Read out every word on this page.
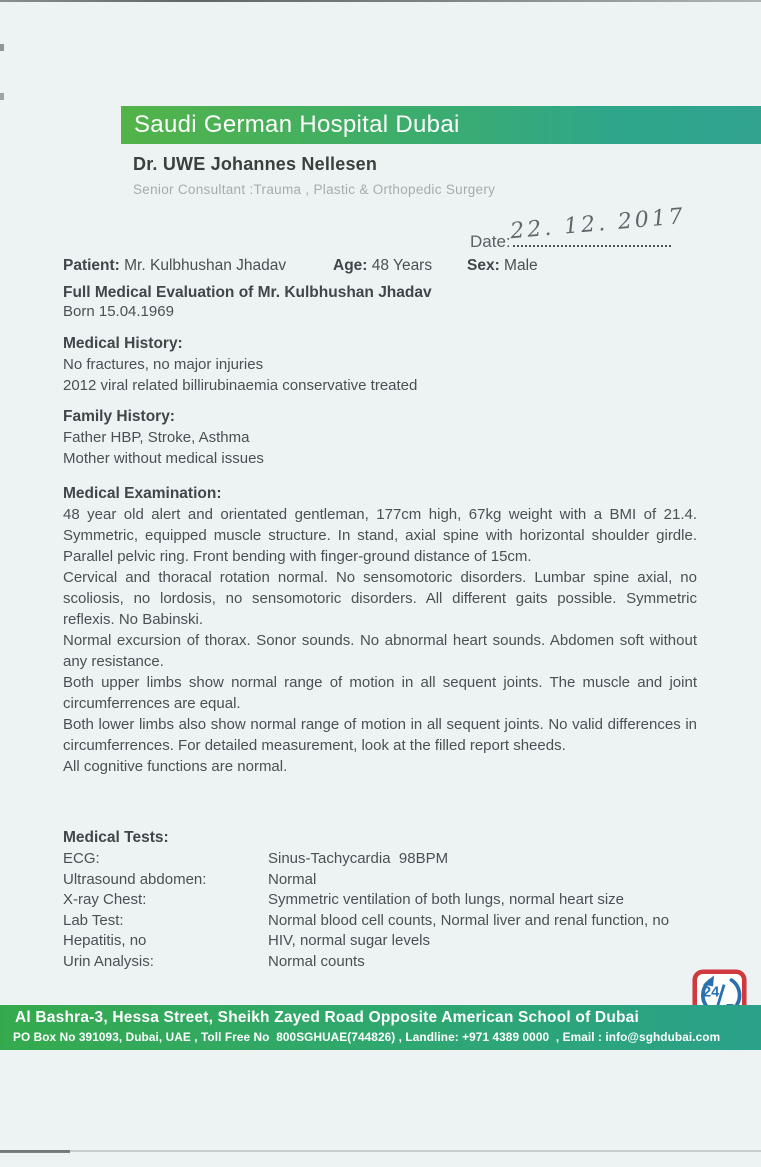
Saudi German Hospital Dubai
Dr. UWE Johannes Nellesen
Senior Consultant :Trauma , Plastic & Orthopedic Surgery
Date:
22. 12. 2017
Patient: Mr. Kulbhushan Jhadav	Age: 48 Years Sex: Male
Full Medical Evaluation of Mr. Kulbhushan Jhadav
Born 15.04.1969
Medical History:

No fractures, no major injuries

2012 viral related billirubinaemia conservative treated

Family History:

Father HBP, Stroke, Asthma

Mother without medical issues

Medical Examination:

48 year old alert and orientated gentleman, 177cm high, 67kg weight with a BMI of 21.4. Symmetric, equipped muscle structure. In stand, axial spine with horizontal shoulder girdle. Parallel pelvic ring. Front bending with finger-ground distance of 15cm.

Cervical and thoracal rotation normal. No sensomotoric disorders. Lumbar spine axial, no scoliosis, no lordosis, no sensomotoric disorders. All different gaits possible. Symmetric reflexis. No Babinski.

Normal excursion of thorax. Sonor sounds. No abnormal heart sounds. Abdomen soft without any resistance.

Both upper limbs show normal range of motion in all sequent joints. The muscle and joint circumferrences are equal.

Both lower limbs also show normal range of motion in all sequent joints. No valid differences in circumferrences. For detailed measurement, look at the filled report sheeds.

All cognitive functions are normal.

Medical Tests:
ECG:	Sinus-Tachycardia  98BPM
Ultrasound abdomen:	Normal
X-ray Chest:	Symmetric ventilation of both lungs, normal heart size
Lab Test:	Normal blood cell counts, Normal liver and renal function, no
Hepatitis, no	HIV, normal sugar levels
Urin Analysis:	Normal counts
24
Al Bashra-3, Hessa Street, Sheikh Zayed Road Opposite American School of Dubai
PO Box No 391093, Dubai, UAE , Toll Free No  800SGHUAE(744826) , Landline: +971 4389 0000  , Email : info@sghdubai.com
